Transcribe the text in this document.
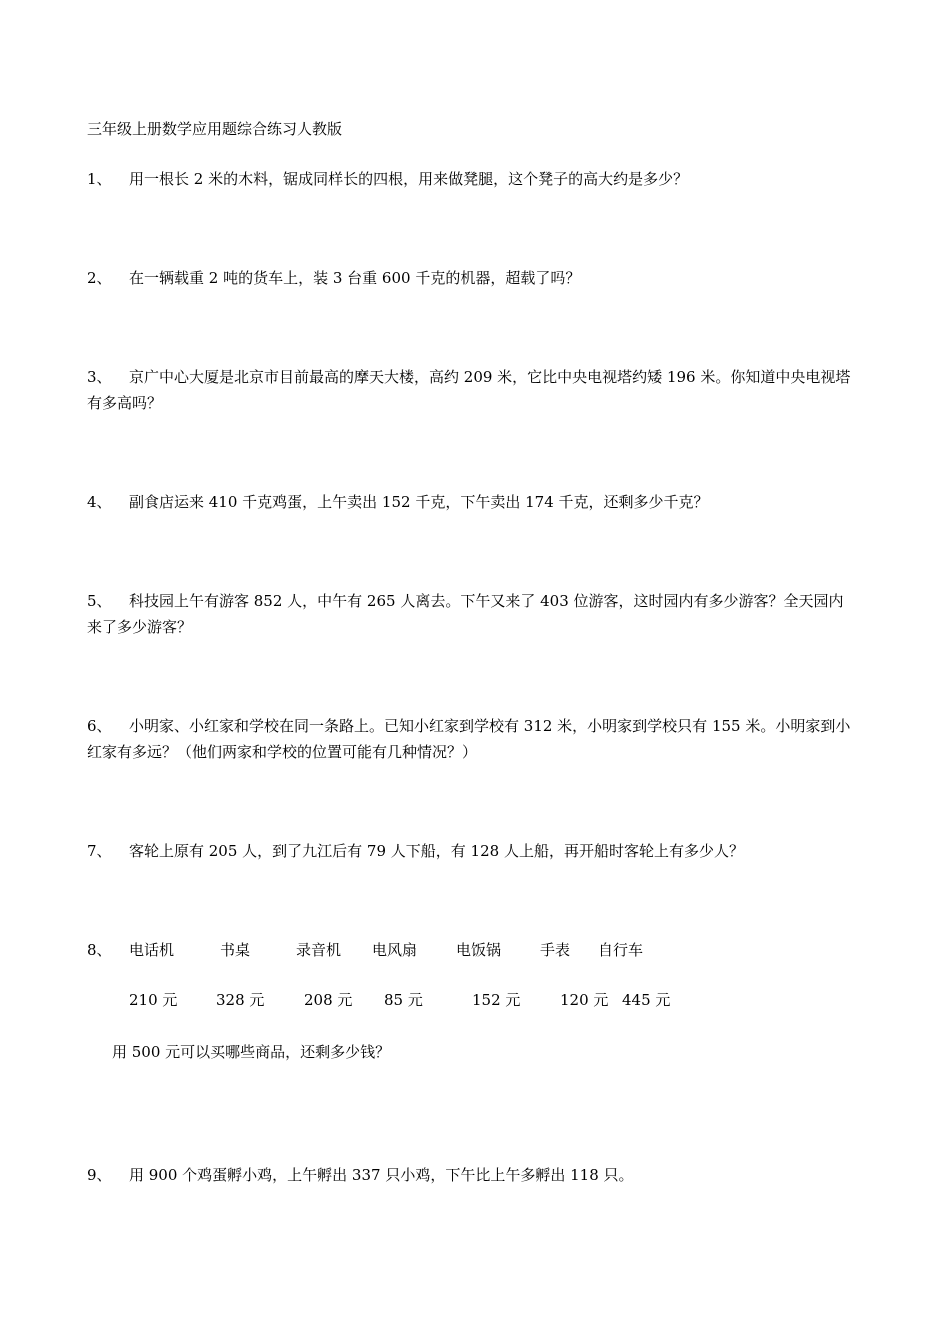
三年级上册数学应用题综合练习人教版
1、	用一根长 2 米的木料，锯成同样长的四根，用来做凳腿，这个凳子的高大约是多少？
2、	在一辆载重 2 吨的货车上，装 3 台重 600 千克的机器，超载了吗？
3、	京广中心大厦是北京市目前最高的摩天大楼，高约 209 米，它比中央电视塔约矮 196 米。你知道中央电视塔有多高吗？
4、	副食店运来 410 千克鸡蛋，上午卖出 152 千克，下午卖出 174 千克，还剩多少千克？
5、	科技园上午有游客 852 人，中午有 265 人离去。下午又来了 403 位游客，这时园内有多少游客？全天园内来了多少游客？
6、	小明家、小红家和学校在同一条路上。已知小红家到学校有 312 米，小明家到学校只有 155 米。小明家到小红家有多远？（他们两家和学校的位置可能有几种情况？）
7、	客轮上原有 205 人，到了九江后有 79 人下船，有 128 人上船，再开船时客轮上有多少人？
8、	电话机	书桌	录音机 电风扇	电饭锅	手表 自行车
210 元	328 元	208 元 85 元	152 元	120 元 445 元
用 500 元可以买哪些商品，还剩多少钱？
9、	用 900 个鸡蛋孵小鸡，上午孵出 337 只小鸡，下午比上午多孵出 118 只。
